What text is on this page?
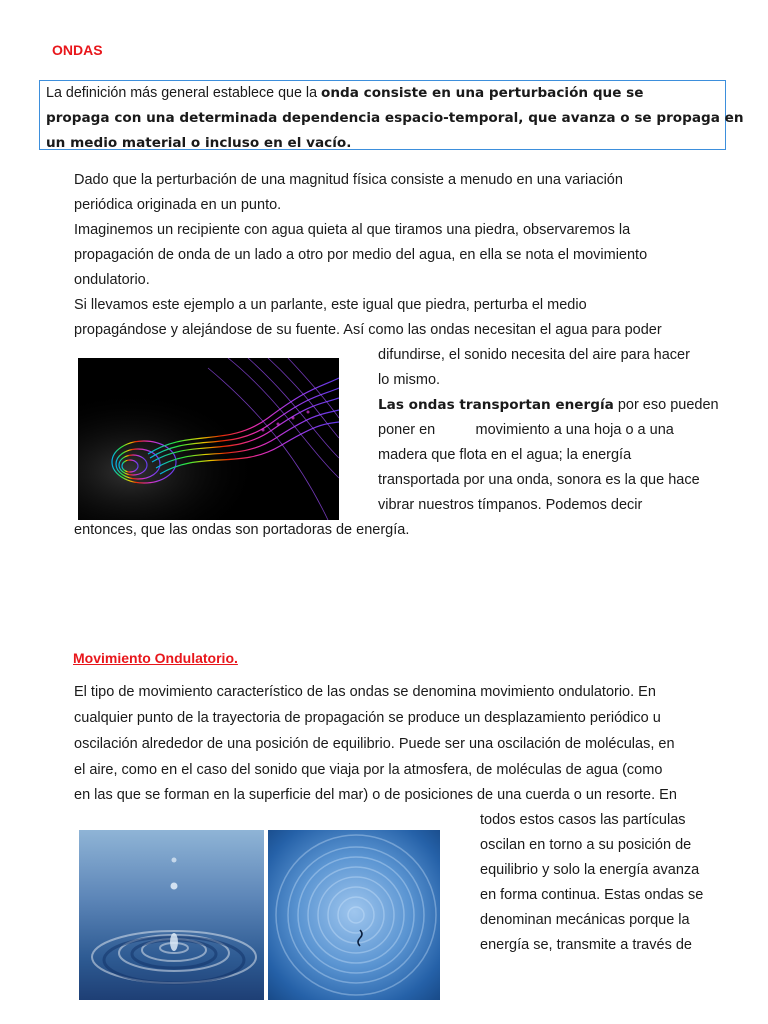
ONDAS
La definición más general establece que la onda consiste en una perturbación que se
propaga con una determinada dependencia espacio-temporal, que avanza o se propaga en
un medio material o incluso en el vacío.
Dado que la perturbación de una magnitud física consiste a menudo en una variación
periódica originada en un punto.
Imaginemos un recipiente con agua quieta al que tiramos una piedra, observaremos la
propagación de onda de un lado a otro por medio del agua, en ella se nota el movimiento
ondulatorio.
Si llevamos este ejemplo a un parlante, este igual que piedra, perturba el medio
propagándose y alejándose de su fuente. Así como las ondas necesitan el agua para poder
difundirse, el sonido necesita del aire para hacer
lo mismo.
Las ondas transportan energía por eso pueden
poner en          movimiento a una hoja o a una
madera que flota en el agua; la energía
transportada por una onda, sonora es la que hace
vibrar nuestros tímpanos. Podemos decir
entonces, que las ondas son portadoras de energía.
Movimiento Ondulatorio.
El tipo de movimiento característico de las ondas se denomina movimiento ondulatorio. En
cualquier punto de la trayectoria de propagación se produce un desplazamiento periódico u
oscilación alrededor de una posición de equilibrio. Puede ser una oscilación de moléculas, en
el aire, como en el caso del sonido que viaja por la atmosfera, de moléculas de agua (como
en las que se forman en la superficie del mar) o de posiciones de una cuerda o un resorte. En
todos estos casos las partículas
oscilan en torno a su posición de
equilibrio y solo la energía avanza
en forma continua. Estas ondas se
denominan mecánicas porque la
energía se, transmite a través de
